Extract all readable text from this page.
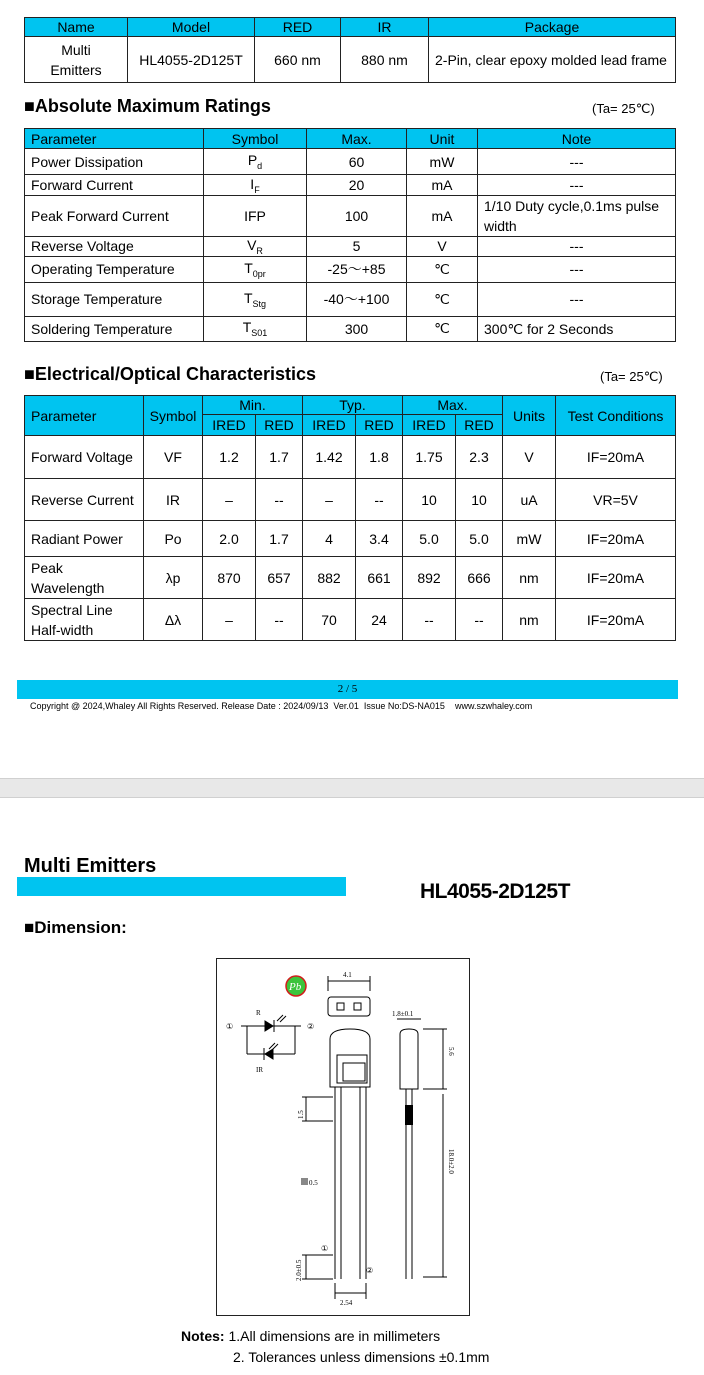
Name	Model	RED	IR	Package
Multi Emitters	HL4055-2D125T	660 nm	880 nm	2-Pin, clear epoxy molded lead frame
■Absolute Maximum Ratings	(Ta= 25℃)
Parameter	Symbol	Max.	Unit	Note
Power Dissipation	$P_d$	60	mW	---
Forward Current	$I_F$	20	mA	---
Peak Forward Current	IFP	100	mA	1/10 Duty cycle,0.1ms pulse width
Reverse Voltage	$V_R$	5	V	---
Operating Temperature	$T_{0pr}$	-25～+85	℃	---
Storage Temperature	$T_{Stg}$	-40～+100	℃	---
Soldering Temperature	$T_{S01}$	300	℃	300℃ for 2 Seconds
■Electrical/Optical Characteristics	(Ta= 25℃)
Parameter	Symbol	Min.		Typ.		Max.		Units	Test Conditions
		IRED	RED	IRED	RED	IRED	RED		
Forward Voltage	VF	1.2	1.7	1.42	1.8	1.75	2.3	V	IF=20mA
Reverse Current	IR	–	--	–	--	10	10	uA	VR=5V
Radiant Power	Po	2.0	1.7	4	3.4	5.0	5.0	mW	IF=20mA
Peak Wavelength	λp	870	657	882	661	892	666	nm	IF=20mA
Spectral Line Half-width	Δλ	–	--	70	24	--	--	nm	IF=20mA
2 / 5
Copyright @ 2024,Whaley All Rights Reserved. Release Date : 2024/09/13 Ver.01 Issue No:DS-NA015 www.szwhaley.com
Multi Emitters
HL4055-2D125T
■Dimension:
Pb
R
IR
①	②
4.1
0.5
1.5
2.0±0.5
2.54
①
②
1.8±0.1
5.6
18.0±2.0
Notes: 1.All dimensions are in millimeters
2. Tolerances unless dimensions ±0.1mm
